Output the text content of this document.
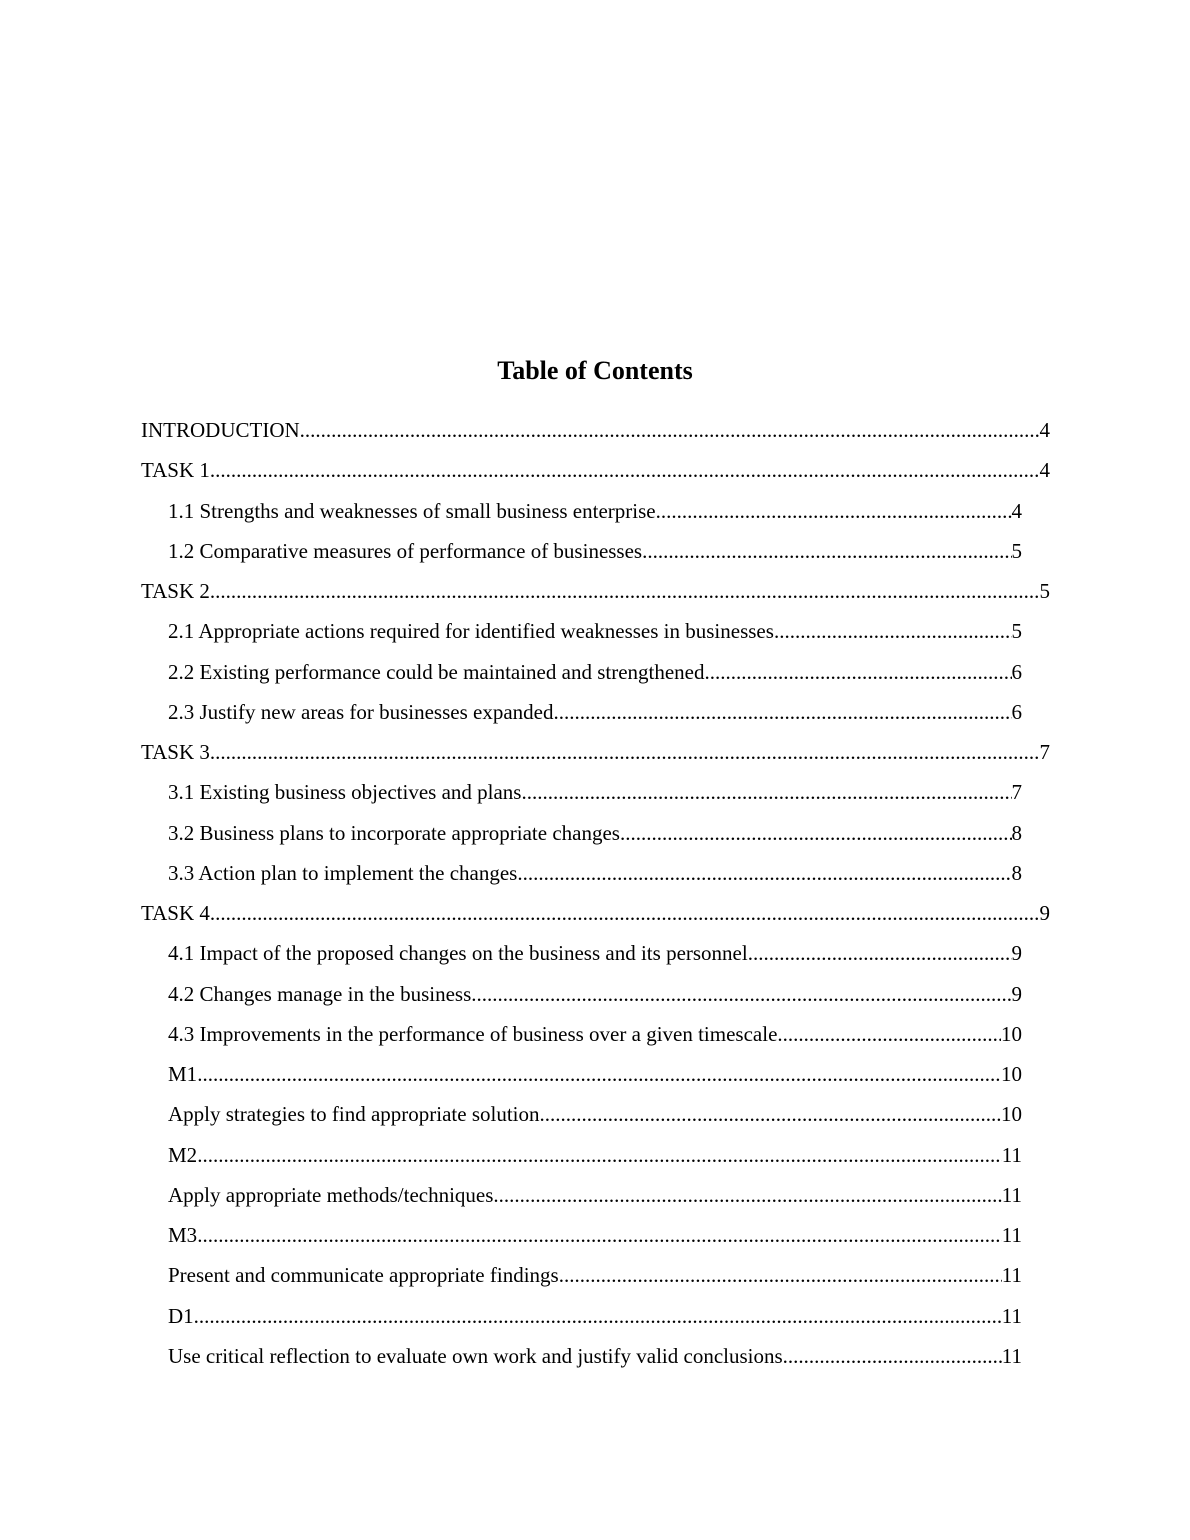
Table of Contents
INTRODUCTION .....	4
TASK 1 .....	4
1.1 Strengths and weaknesses of small business enterprise .....	4
1.2 Comparative measures of performance of businesses .....	5
TASK 2 .....	5
2.1 Appropriate actions required for identified weaknesses in businesses .....	5
2.2 Existing performance could be maintained and strengthened .....	6
2.3 Justify new areas for businesses expanded .....	6
TASK 3 .....	7
3.1 Existing business objectives and plans .....	7
3.2 Business plans to incorporate appropriate changes .....	8
3.3 Action plan to implement the changes .....	8
TASK 4 .....	9
4.1 Impact of the proposed changes on the business and its personnel .....	9
4.2 Changes manage in the business .....	9
4.3 Improvements in the performance of business over a given timescale .....	10
M1 .....	10
Apply strategies to find appropriate solution .....	10
M2 .....	11
Apply appropriate methods/techniques .....	11
M3 .....	11
Present and communicate appropriate findings .....	11
D1 .....	11
Use critical reflection to evaluate own work and justify valid conclusions .....	11
